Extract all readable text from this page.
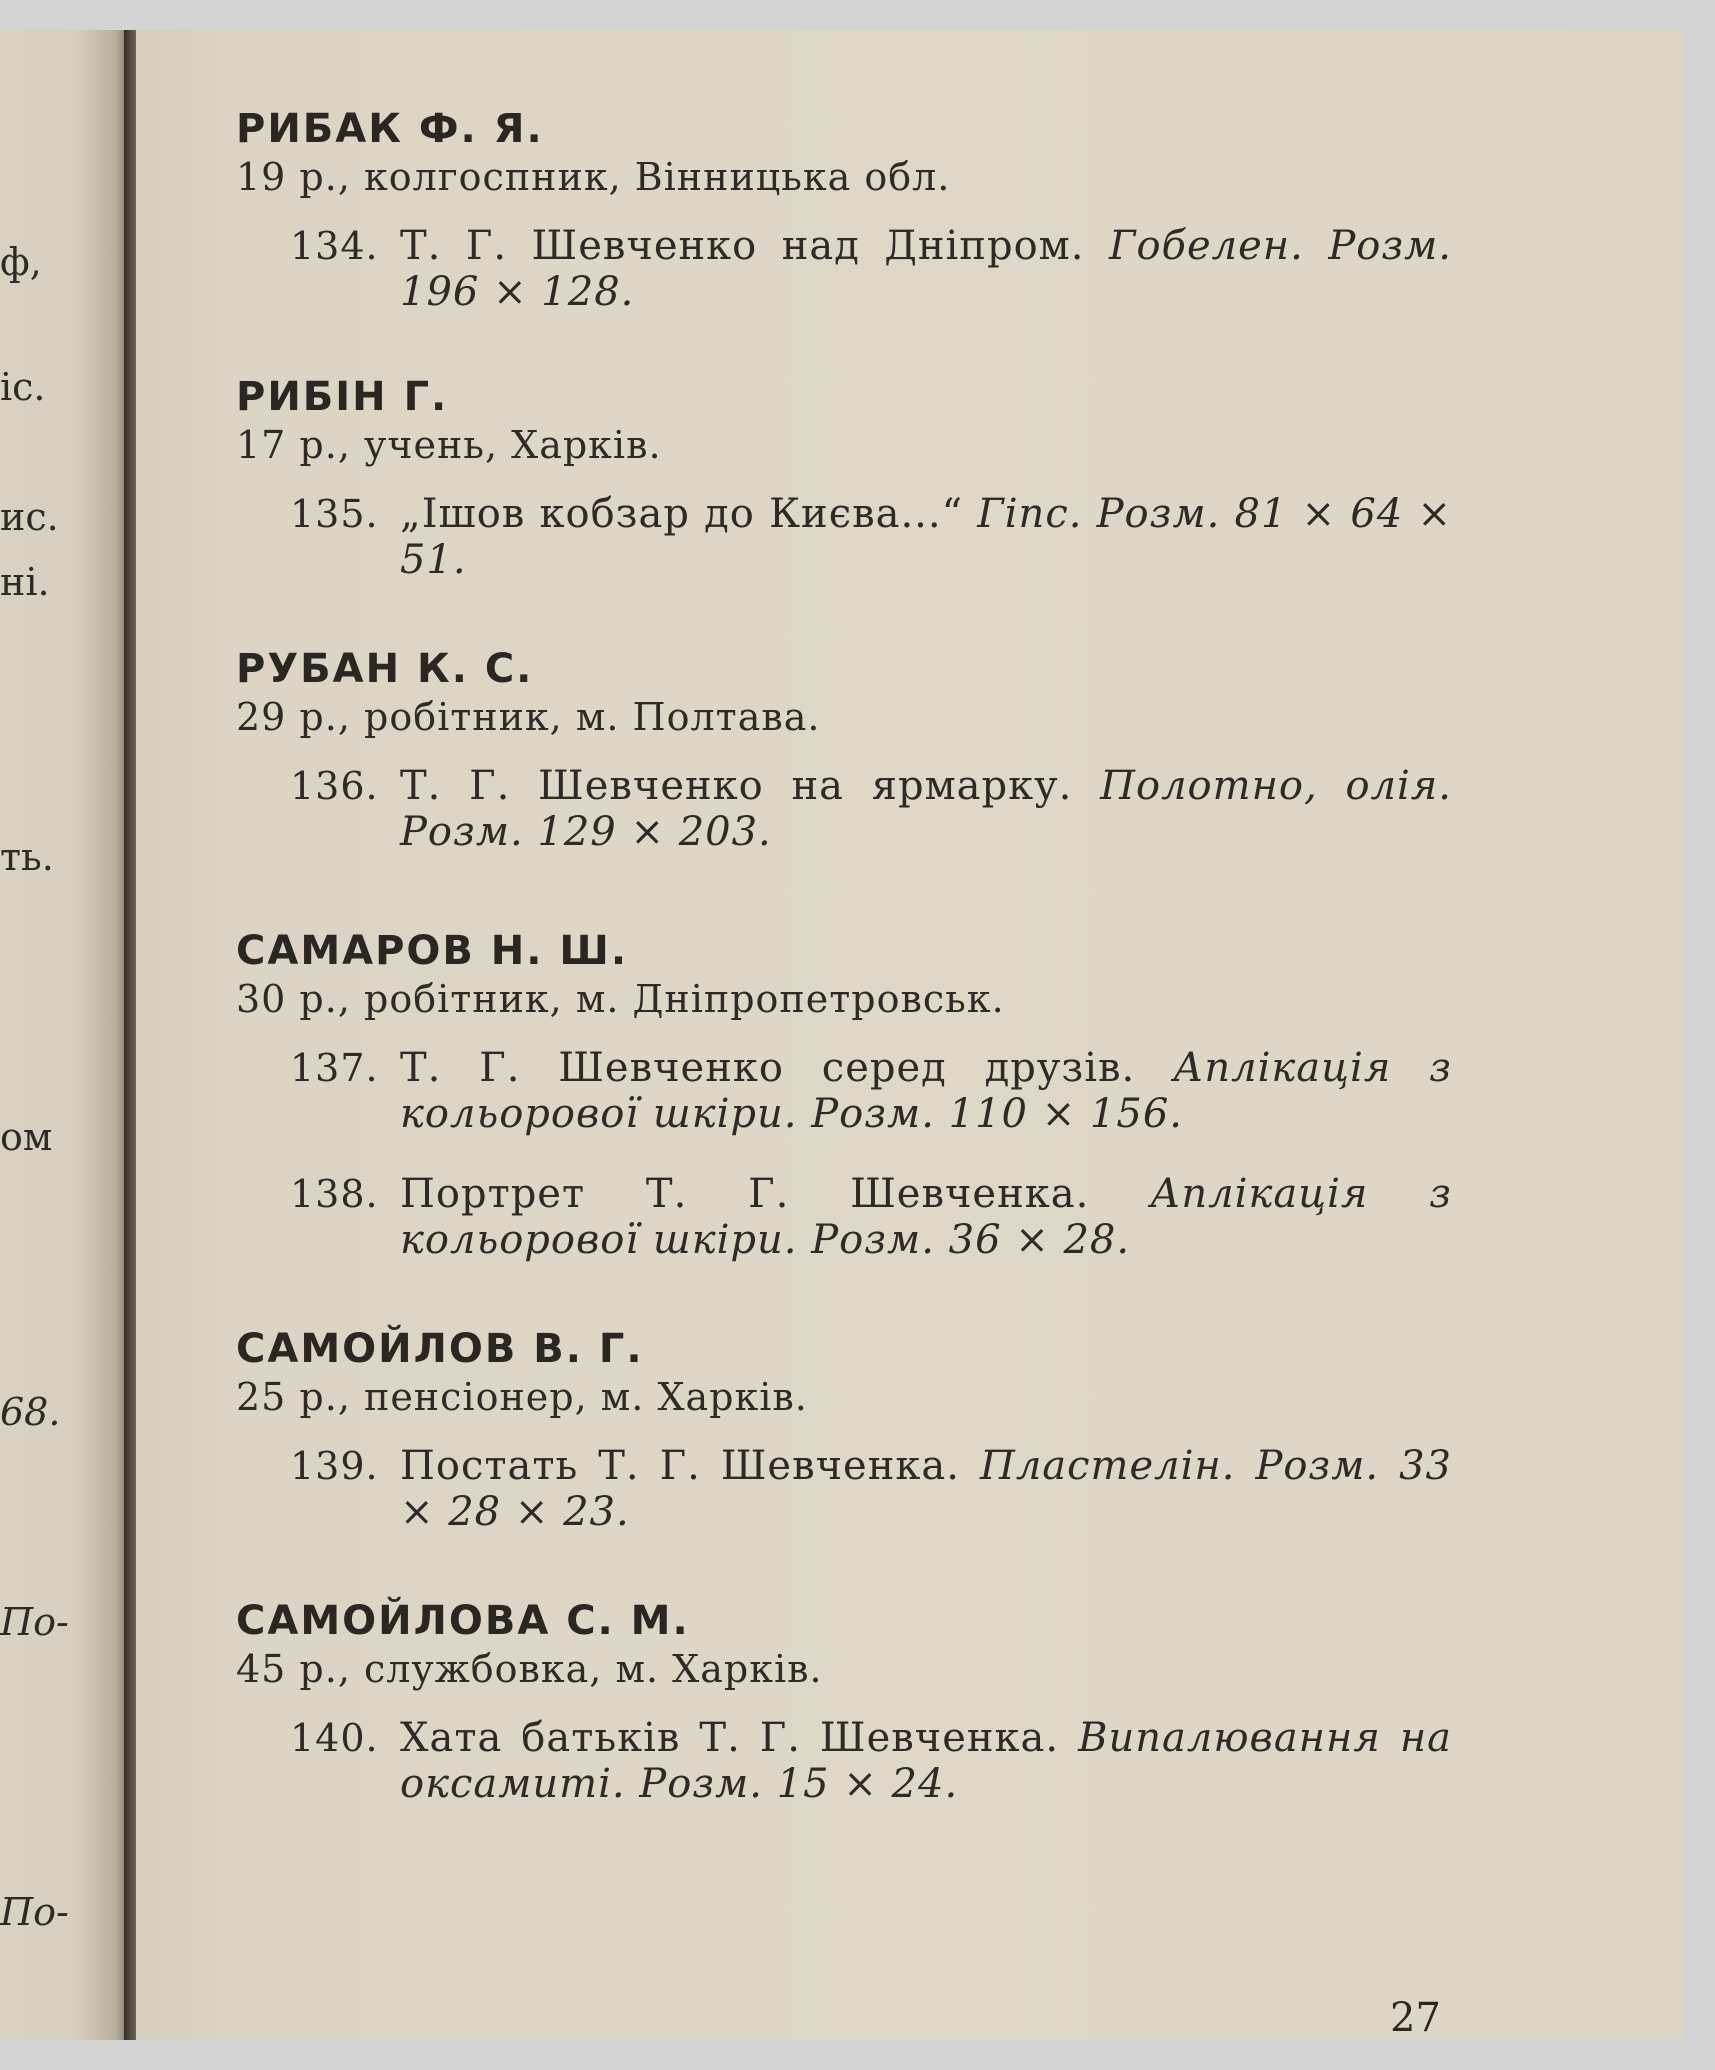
ф,
іс.
ис.
ні.
ть.
ом
68.
По-
По-

РИБАК Ф. Я.

19 р., колгоспник, Вінницька обл.

134. Т. Г. Шевченко над Дніпром. Гобелен. Розм. 196 × 128.

РИБІН Г.

17 р., учень, Харків.

135. „Ішов кобзар до Києва...“ Гіпс. Розм. 81 × 64 × 51.

РУБАН К. С.

29 р., робітник, м. Полтава.

136. Т. Г. Шевченко на ярмарку. Полотно, олія. Розм. 129 × 203.

САМАРОВ Н. Ш.

30 р., робітник, м. Дніпропетровськ.

137. Т. Г. Шевченко серед друзів. Аплікація з кольорової шкіри. Розм. 110 × 156.

138. Портрет Т. Г. Шевченка. Аплікація з кольорової шкіри. Розм. 36 × 28.

САМОЙЛОВ В. Г.

25 р., пенсіонер, м. Харків.

139. Постать Т. Г. Шевченка. Пластелін. Розм. 33 × 28 × 23.

САМОЙЛОВА С. М.

45 р., службовка, м. Харків.

140. Хата батьків Т. Г. Шевченка. Випалювання на оксамиті. Розм. 15 × 24.

27
